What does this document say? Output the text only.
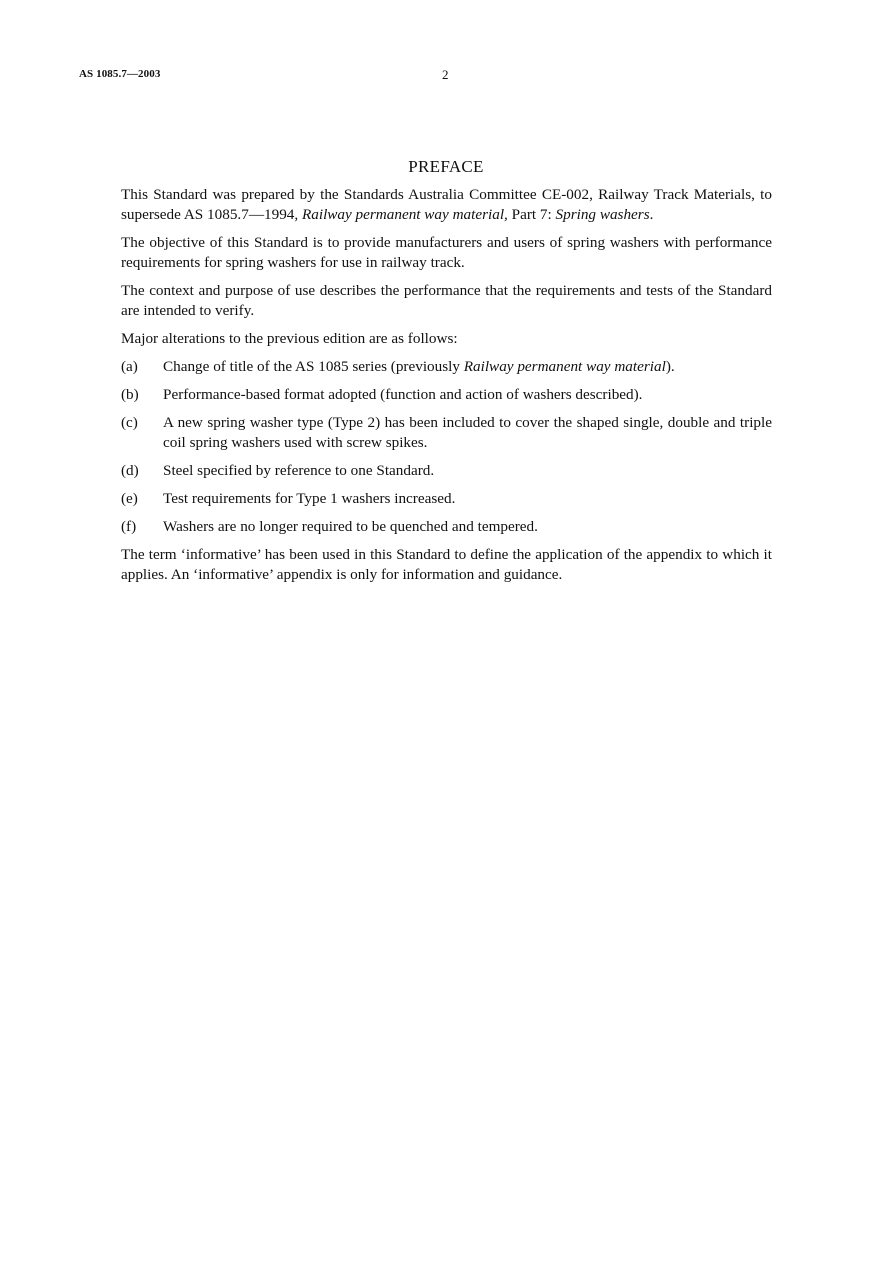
AS 1085.7—2003	2
PREFACE

This Standard was prepared by the Standards Australia Committee CE-002, Railway Track Materials, to supersede AS 1085.7—1994, Railway permanent way material, Part 7: Spring washers.

The objective of this Standard is to provide manufacturers and users of spring washers with performance requirements for spring washers for use in railway track.

The context and purpose of use describes the performance that the requirements and tests of the Standard are intended to verify.

Major alterations to the previous edition are as follows:

(a)	Change of title of the AS 1085 series (previously Railway permanent way material).
(b)	Performance-based format adopted (function and action of washers described).
(c)	A new spring washer type (Type 2) has been included to cover the shaped single, double and triple coil spring washers used with screw spikes.
(d)	Steel specified by reference to one Standard.
(e)	Test requirements for Type 1 washers increased.
(f)	Washers are no longer required to be quenched and tempered.

The term ‘informative’ has been used in this Standard to define the application of the appendix to which it applies. An ‘informative’ appendix is only for information and guidance.
